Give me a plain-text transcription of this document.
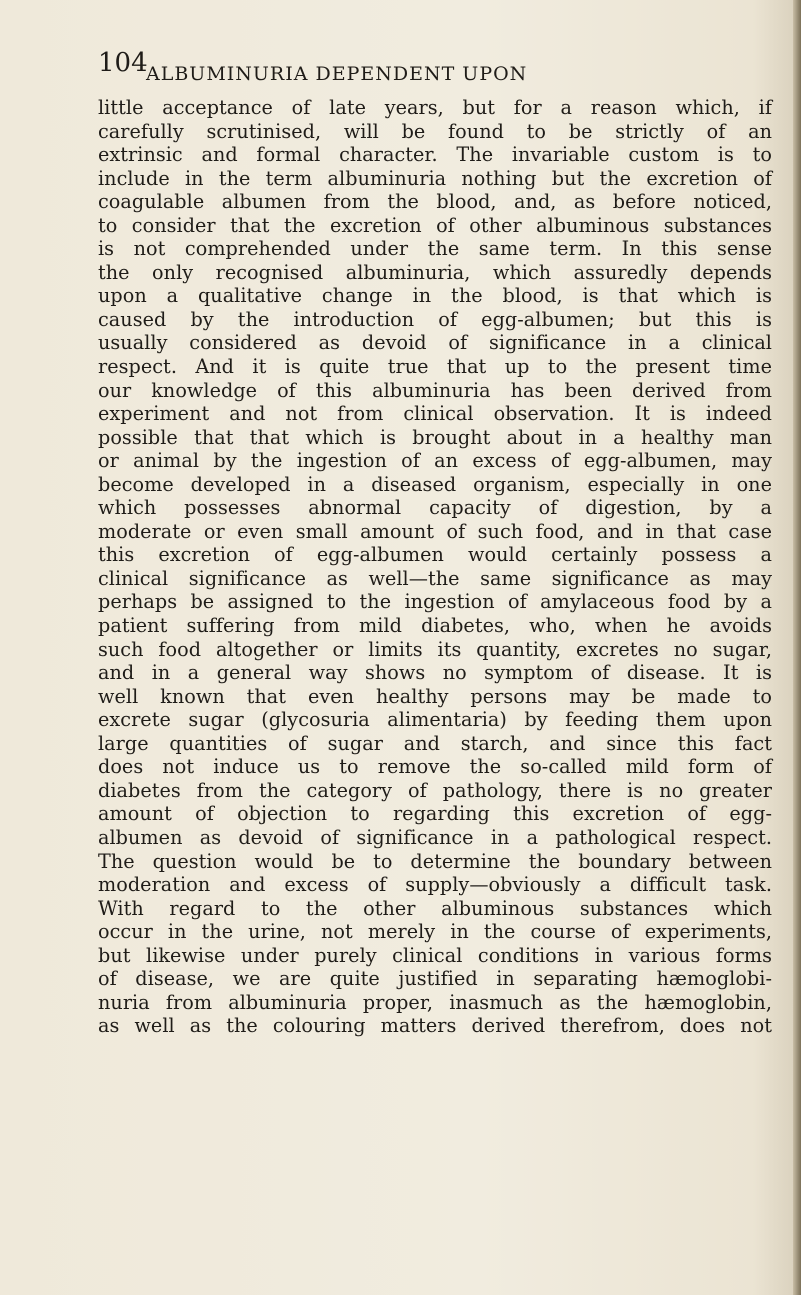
104
ALBUMINURIA DEPENDENT UPON
little acceptance of late years, but for a reason which, if
carefully scrutinised, will be found to be strictly of an
extrinsic and formal character. The invariable custom is to
include in the term albuminuria nothing but the excretion of
coagulable albumen from the blood, and, as before noticed,
to consider that the excretion of other albuminous substances
is not comprehended under the same term. In this sense
the only recognised albuminuria, which assuredly depends
upon a qualitative change in the blood, is that which is
caused by the introduction of egg-albumen; but this is
usually considered as devoid of significance in a clinical
respect. And it is quite true that up to the present time
our knowledge of this albuminuria has been derived from
experiment and not from clinical observation. It is indeed
possible that that which is brought about in a healthy man
or animal by the ingestion of an excess of egg-albumen, may
become developed in a diseased organism, especially in one
which possesses abnormal capacity of digestion, by a
moderate or even small amount of such food, and in that case
this excretion of egg-albumen would certainly possess a
clinical significance as well—the same significance as may
perhaps be assigned to the ingestion of amylaceous food by a
patient suffering from mild diabetes, who, when he avoids
such food altogether or limits its quantity, excretes no sugar,
and in a general way shows no symptom of disease. It is
well known that even healthy persons may be made to
excrete sugar (glycosuria alimentaria) by feeding them upon
large quantities of sugar and starch, and since this fact
does not induce us to remove the so-called mild form of
diabetes from the category of pathology, there is no greater
amount of objection to regarding this excretion of egg-
albumen as devoid of significance in a pathological respect.
The question would be to determine the boundary between
moderation and excess of supply—obviously a difficult task.
With regard to the other albuminous substances which
occur in the urine, not merely in the course of experiments,
but likewise under purely clinical conditions in various forms
of disease, we are quite justified in separating hæmoglobi-
nuria from albuminuria proper, inasmuch as the hæmoglobin,
as well as the colouring matters derived therefrom, does not
